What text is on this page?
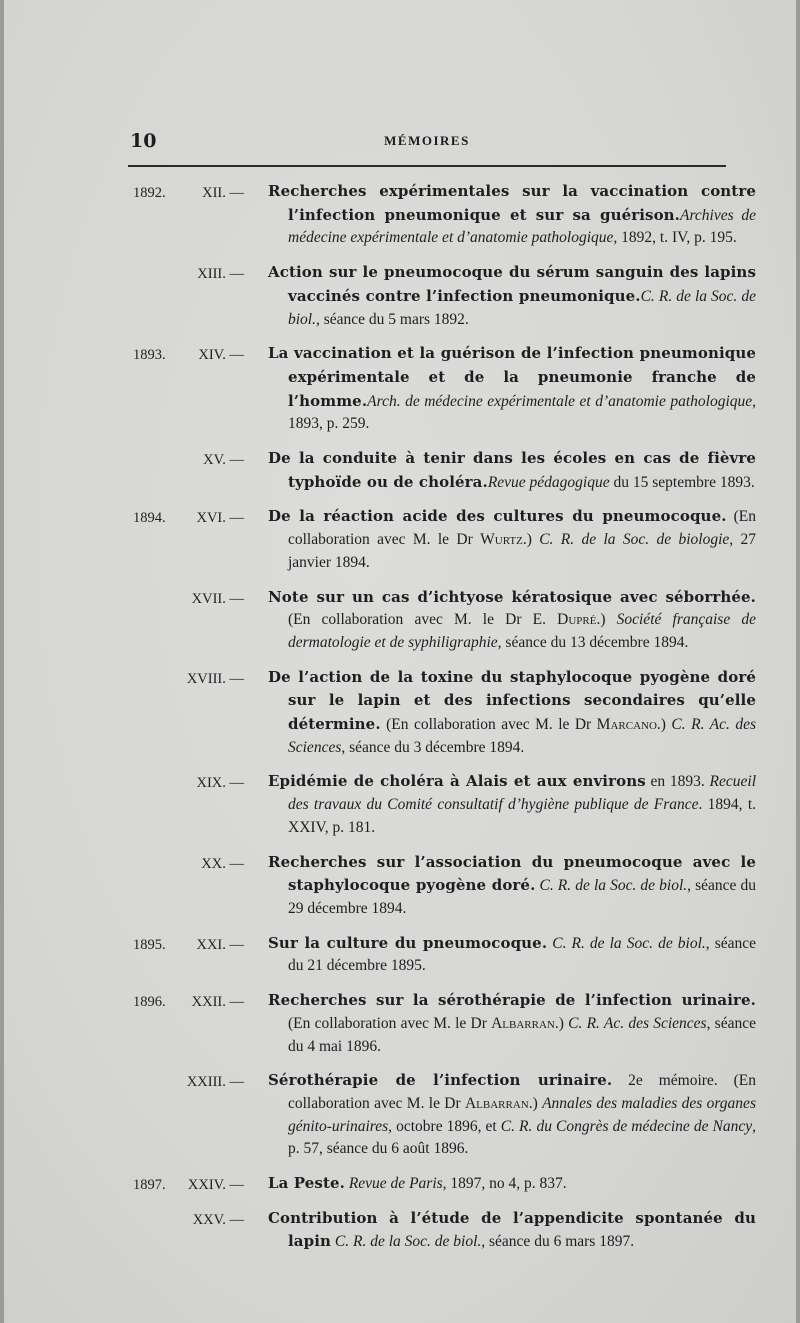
10	MÉMOIRES
1892.	XII. — Recherches expérimentales sur la vaccination contre l’infection pneumonique et sur sa guérison.Archives de médecine expérimentale et d’anatomie pathologique, 1892, t. IV, p. 195.
XIII. — Action sur le pneumocoque du sérum sanguin des lapins vaccinés contre l’infection pneumonique.C. R. de la Soc. de biol., séance du 5 mars 1892.
1893. XIV. — La vaccination et la guérison de l’infection pneumonique expérimentale et de la pneumonie franche de l’homme.Arch. de médecine expérimentale et d’anatomie pathologique, 1893, p. 259.
XV. — De la conduite à tenir dans les écoles en cas de fièvre typhoïde ou de choléra.Revue pédagogique du 15 septembre 1893.
1894. XVI. — De la réaction acide des cultures du pneumocoque. (En collaboration avec M. le Dr Wurtz.) C. R. de la Soc. de biologie, 27 janvier 1894.
XVII. — Note sur un cas d’ichtyose kératosique avec séborrhée. (En collaboration avec M. le Dr E. Dupré.) Société française de dermatologie et de syphiligraphie, séance du 13 décembre 1894.
XVIII. — De l’action de la toxine du staphylocoque pyogène doré sur le lapin et des infections secondaires qu’elle détermine. (En collaboration avec M. le Dr Marcano.) C. R. Ac. des Sciences, séance du 3 décembre 1894.
XIX. — Epidémie de choléra à Alais et aux environs en 1893. Recueil des travaux du Comité consultatif d’hygiène publique de France. 1894, t. XXIV, p. 181.
XX. — Recherches sur l’association du pneumocoque avec le staphylocoque pyogène doré. C. R. de la Soc. de biol., séance du 29 décembre 1894.
1895. XXI. — Sur la culture du pneumocoque. C. R. de la Soc. de biol., séance du 21 décembre 1895.
1896. XXII. — Recherches sur la sérothérapie de l’infection urinaire. (En collaboration avec M. le Dr Albarran.) C. R. Ac. des Sciences, séance du 4 mai 1896.
XXIII. — Sérothérapie de l’infection urinaire. 2e mémoire. (En collaboration avec M. le Dr Albarran.) Annales des maladies des organes génito-urinaires, octobre 1896, et C. R. du Congrès de médecine de Nancy, p. 57, séance du 6 août 1896.
1897. XXIV. — La Peste. Revue de Paris, 1897, no 4, p. 837.
XXV. — Contribution à l’étude de l’appendicite spontanée du lapin C. R. de la Soc. de biol., séance du 6 mars 1897.
